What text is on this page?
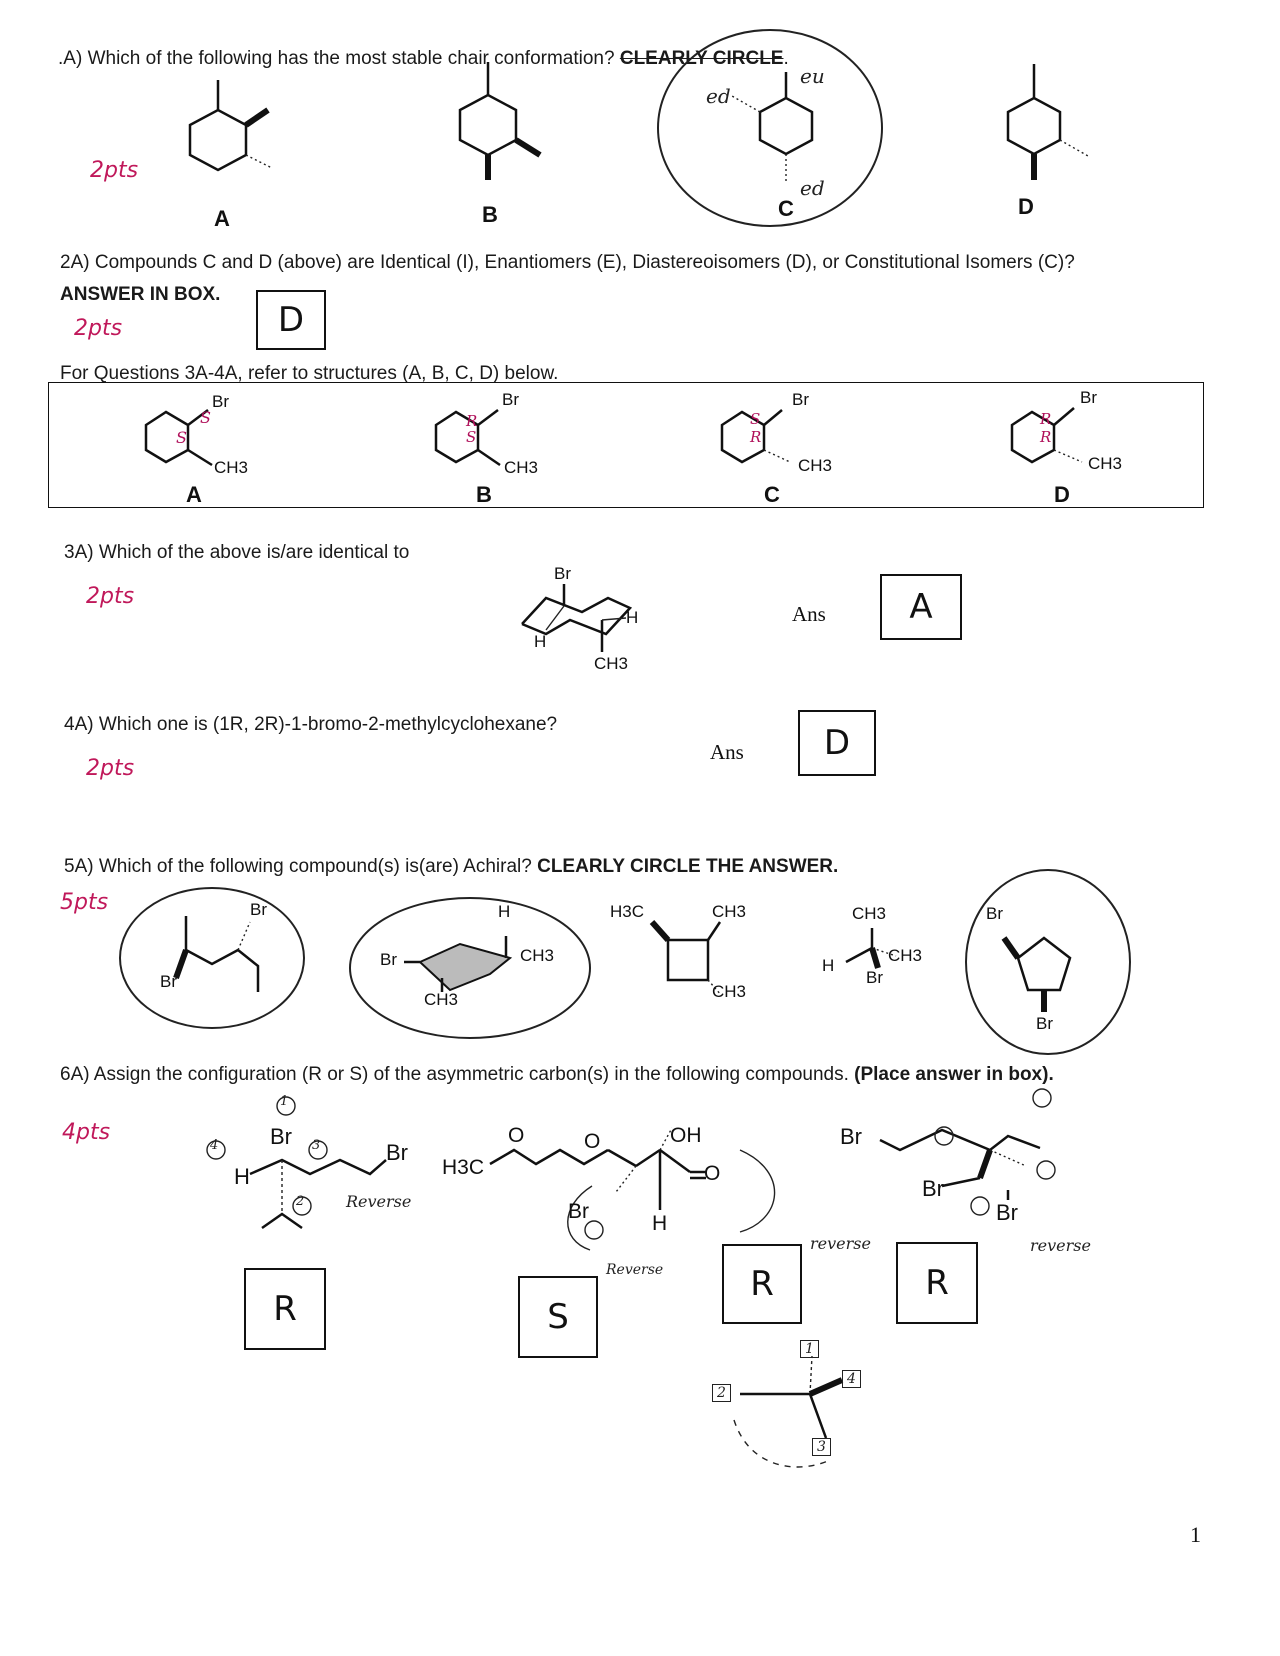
.A) Which of the following has the most stable chair conformation? CLEARLY CIRCLE.
2pts
ed
eu
ed
A	B	C	D
2A) Compounds C and D (above) are Identical (I), Enantiomers (E), Diastereoisomers (D), or Constitutional Isomers (C)?
ANSWER IN BOX.
2pts	D
For Questions 3A-4A, refer to structures (A, B, C, D) below.
Br
CH3
S
S
A
Br
CH3
R
S
B
Br
CH3
S
R
C
Br
CH3
R
R
D
3A) Which of the above is/are identical to
2pts
Br
H
H
CH3
Ans	A
4A) Which one is (1R, 2R)-1-bromo-2-methylcyclohexane?
2pts
Ans	D
5A) Which of the following compound(s) is(are) Achiral? CLEARLY CIRCLE THE ANSWER.
5pts	Br
Br
H
Br	CH3
CH3
H3C	CH3
CH3
CH3
H
CH3
Br
Br
Br
6A) Assign the configuration (R or S) of the asymmetric carbon(s) in the following compounds. (Place answer in box).
4pts	Br
Br
H
1
2
3
4
Reverse
R
H3C
O	O	OH
O
Br
H
Reverse
S
R
Br
Br
Br
reverse	reverse
R
1
2
3
4
1
